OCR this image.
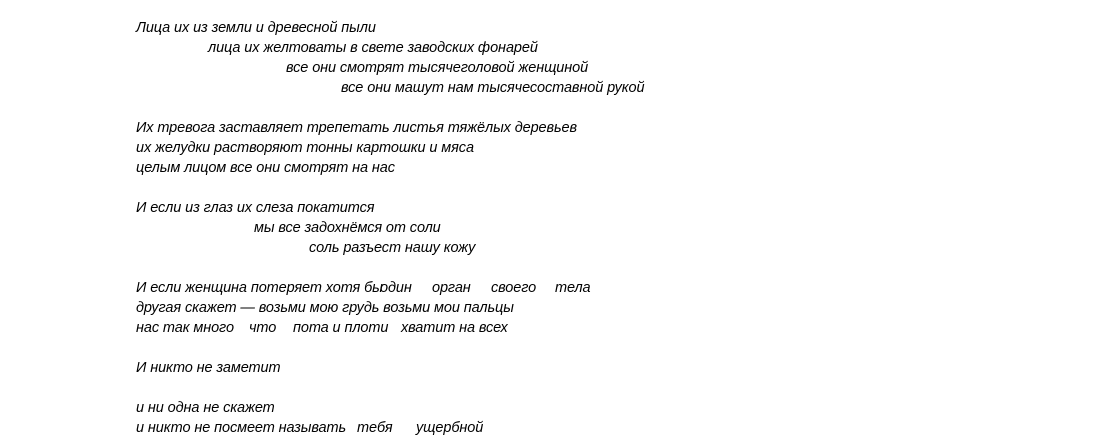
Лица их из земли и древесной пыли
лица их желтоваты в свете заводских фонарей
все они смотрят тысячеголовой женщиной
все они машут нам тысячесоставной рукой
Их тревога заставляет трепетать листья тяжёлых деревьев
их желудки растворяют тонны картошки и мяса
целым лицом все они смотрят на нас
И если из глаз их слеза покатится
мы все задохнёмся от соли
соль разъест нашу кожу
И если женщина потеряет хотя бы
один орган своего тела
другая скажет — возьми мою грудь возьми мои пальцы
нас так много что пота и плоти хватит на всех
И никто не заметит
и ни одна не скажет
и никто не посмеет называть тебя ущербной
